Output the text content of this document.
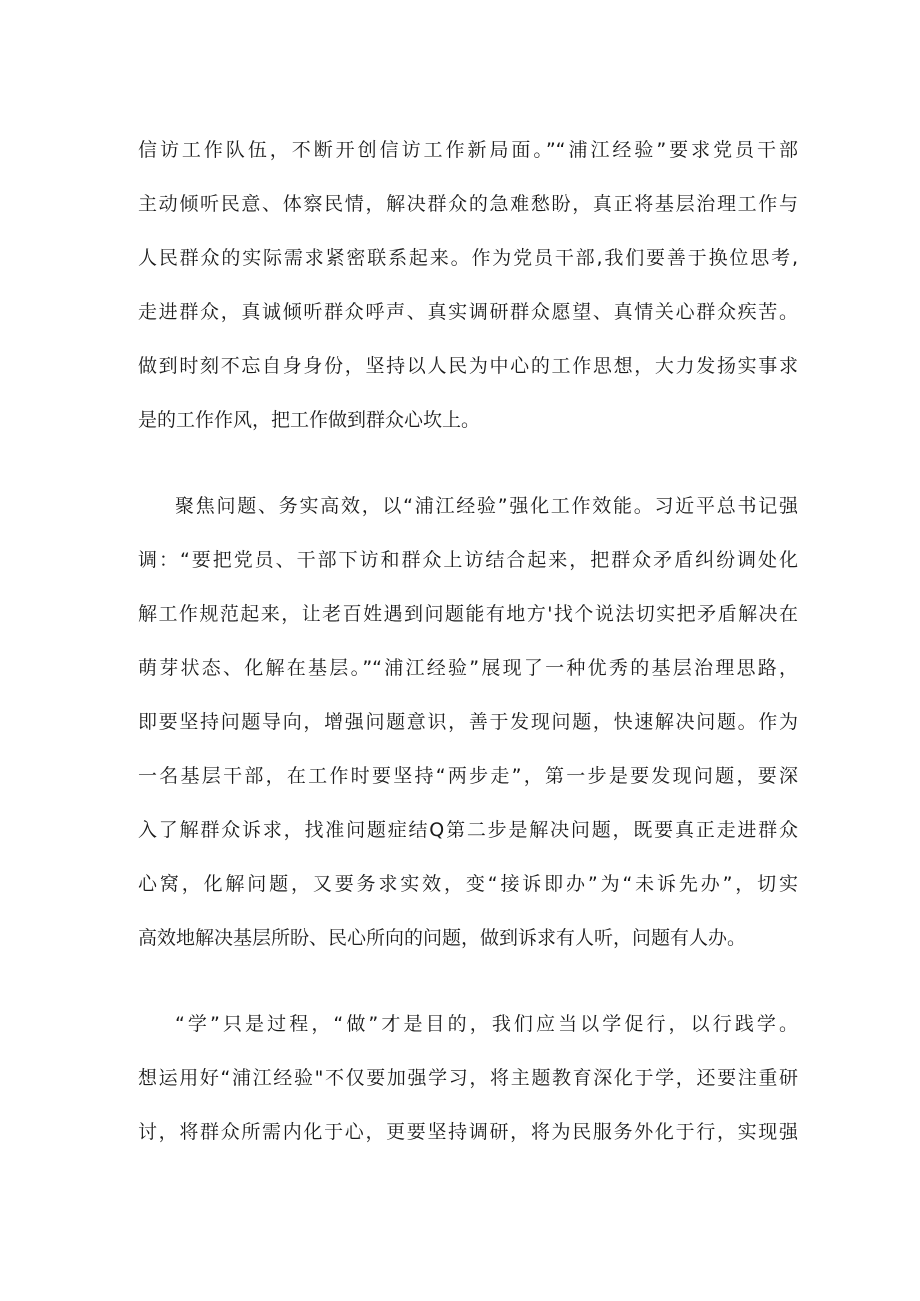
信访工作队伍，不断开创信访工作新局面。”“浦江经验”要求党员干部
主动倾听民意、体察民情，解决群众的急难愁盼，真正将基层治理工作与
人民群众的实际需求紧密联系起来。作为党员干部,我们要善于换位思考,
走进群众，真诚倾听群众呼声、真实调研群众愿望、真情关心群众疾苦。
做到时刻不忘自身身份，坚持以人民为中心的工作思想，大力发扬实事求
是的工作作风，把工作做到群众心坎上。
聚焦问题、务实高效，以“浦江经验”强化工作效能。习近平总书记强
调：“要把党员、干部下访和群众上访结合起来，把群众矛盾纠纷调处化
解工作规范起来，让老百姓遇到问题能有地方'找个说法切实把矛盾解决在
萌芽状态、化解在基层。”“浦江经验”展现了一种优秀的基层治理思路，
即要坚持问题导向，增强问题意识，善于发现问题，快速解决问题。作为
一名基层干部，在工作时要坚持“两步走”，第一步是要发现问题，要深
入了解群众诉求，找准问题症结Q第二步是解决问题，既要真正走进群众
心窝，化解问题，又要务求实效，变“接诉即办”为“未诉先办”，切实
高效地解决基层所盼、民心所向的问题，做到诉求有人听，问题有人办。
“学”只是过程，“做”才是目的，我们应当以学促行，以行践学。
想运用好“浦江经验"不仅要加强学习，将主题教育深化于学，还要注重研
讨，将群众所需内化于心，更要坚持调研，将为民服务外化于行，实现强
